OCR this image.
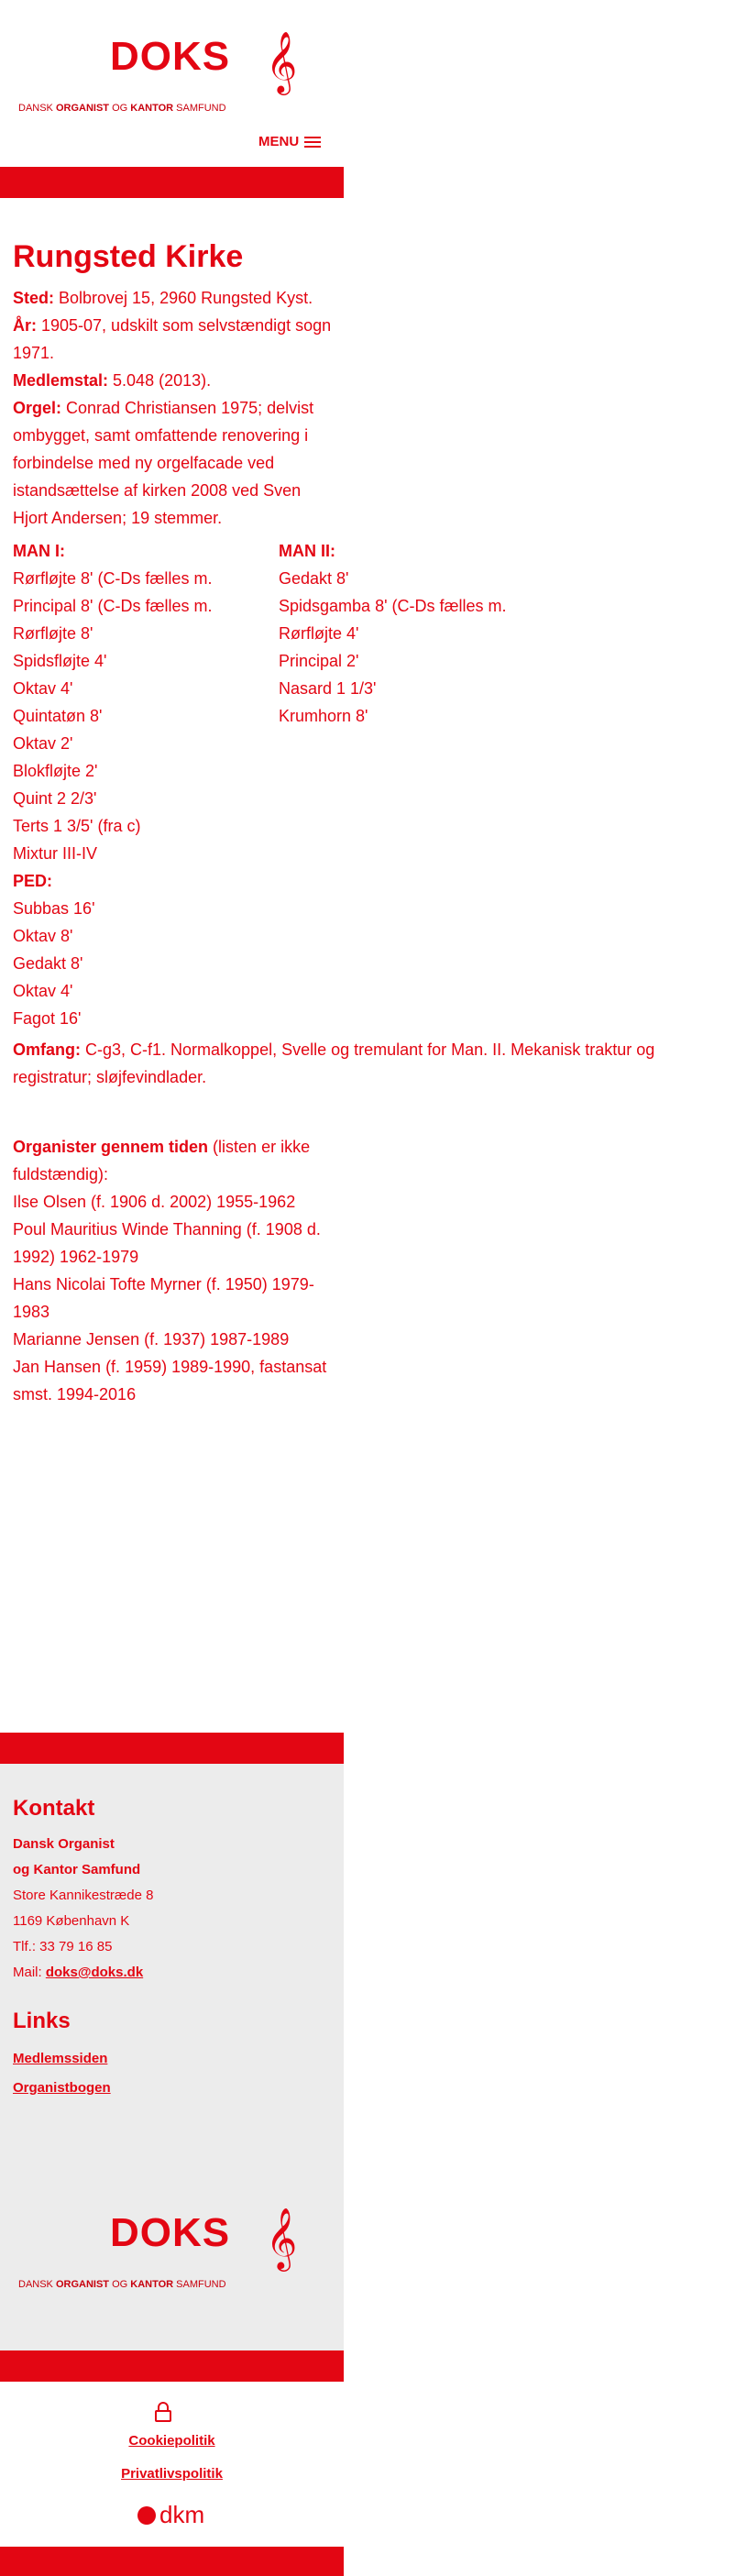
DOKS 𝄞
DANSK ORGANIST OG KANTOR SAMFUND
MENU
Rungsted Kirke

Sted: Bolbrovej 15, 2960 Rungsted Kyst.

År: 1905-07, udskilt som selvstændigt sogn 1971.

Medlemstal: 5.048 (2013).

Orgel: Conrad Christiansen 1975; delvist ombygget, samt omfattende renovering i forbindelse med ny orgelfacade ved istandsættelse af kirken 2008 ved Sven Hjort Andersen; 19 stemmer.

MAN I:
Rørfløjte 8' (C-Ds fælles m.
Principal 8' (C-Ds fælles m.
Rørfløjte 8'
Spidsfløjte 4'
Oktav 4'
Quintatøn 8'
Oktav 2'
Blokfløjte 2'
Quint 2 2/3'
Terts 1 3/5' (fra c)
Mixtur III-IV
PED:
Subbas 16'
Oktav 8'
Gedakt 8'
Oktav 4'
Fagot 16'
MAN II:
Gedakt 8'
Spidsgamba 8' (C-Ds fælles m.
Rørfløjte 4'
Principal 2'
Nasard 1 1/3'
Krumhorn 8'

Omfang: C-g3, C-f1. Normalkoppel, Svelle og tremulant for Man. II. Mekanisk traktur og registratur; sløjfevindlader.

Organister gennem tiden (listen er ikke fuldstændig):

Ilse Olsen (f. 1906 d. 2002) 1955-1962

Poul Mauritius Winde Thanning (f. 1908 d. 1992) 1962-1979

Hans Nicolai Tofte Myrner (f. 1950) 1979-1983

Marianne Jensen (f. 1937) 1987-1989

Jan Hansen (f. 1959) 1989-1990, fastansat smst. 1994-2016

Kontakt
Dansk Organist
og Kantor Samfund
Store Kannikestræde 8
1169 København K
Tlf.: 33 79 16 85
Mail: doks@doks.dk
Links
Medlemssiden
Organistbogen
DOKS 𝄞
DANSK ORGANIST OG KANTOR SAMFUND
Cookiepolitik
Privatlivspolitik
dkm
